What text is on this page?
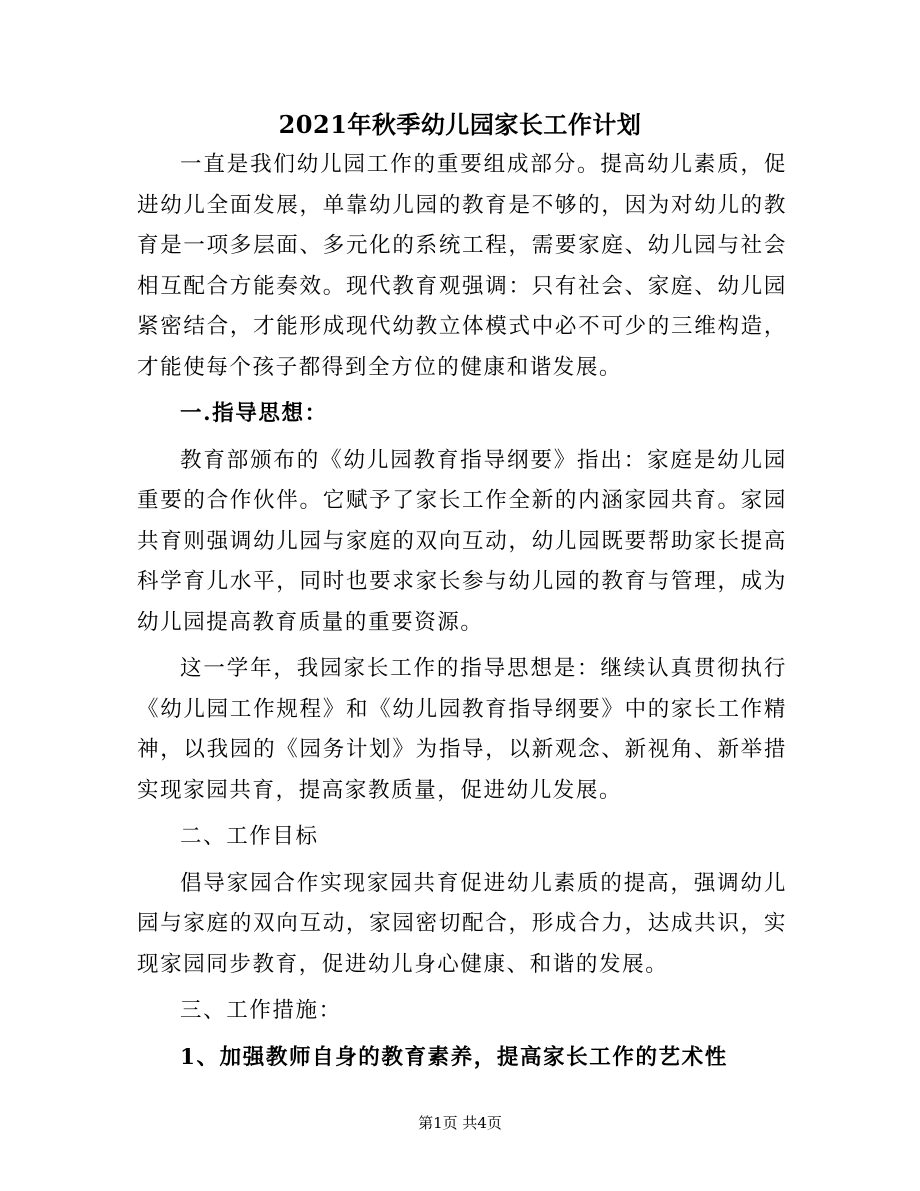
2021年秋季幼儿园家长工作计划

一直是我们幼儿园工作的重要组成部分。提高幼儿素质，促进幼儿全面发展，单靠幼儿园的教育是不够的，因为对幼儿的教育是一项多层面、多元化的系统工程，需要家庭、幼儿园与社会相互配合方能奏效。现代教育观强调：只有社会、家庭、幼儿园紧密结合，才能形成现代幼教立体模式中必不可少的三维构造，才能使每个孩子都得到全方位的健康和谐发展。

一.指导思想：

教育部颁布的《幼儿园教育指导纲要》指出：家庭是幼儿园重要的合作伙伴。它赋予了家长工作全新的内涵家园共育。家园共育则强调幼儿园与家庭的双向互动，幼儿园既要帮助家长提高科学育儿水平，同时也要求家长参与幼儿园的教育与管理，成为幼儿园提高教育质量的重要资源。

这一学年，我园家长工作的指导思想是：继续认真贯彻执行《幼儿园工作规程》和《幼儿园教育指导纲要》中的家长工作精神，以我园的《园务计划》为指导，以新观念、新视角、新举措实现家园共育，提高家教质量，促进幼儿发展。

二、工作目标

倡导家园合作实现家园共育促进幼儿素质的提高，强调幼儿园与家庭的双向互动，家园密切配合，形成合力，达成共识，实现家园同步教育，促进幼儿身心健康、和谐的发展。

三、工作措施：

1、加强教师自身的教育素养，提高家长工作的艺术性

第1页 共4页
